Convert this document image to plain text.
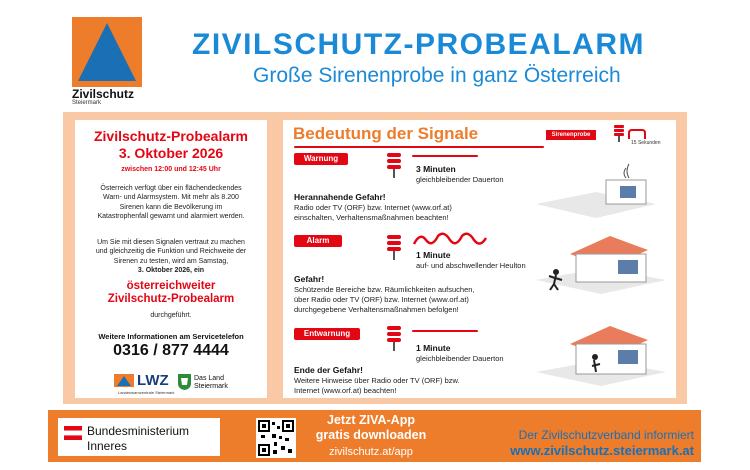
Zivilschutz
Steiermark
ZIVILSCHUTZ-PROBEALARM
Große Sirenenprobe in ganz Österreich
Zivilschutz-Probealarm
3. Oktober 2026
zwischen 12:00 und 12:45 Uhr
Österreich verfügt über ein flächendeckendes
Warn- und Alarmsystem. Mit mehr als 8.200
Sirenen kann die Bevölkerung im
Katastrophenfall gewarnt und alarmiert werden.
Um Sie mit diesen Signalen vertraut zu machen
und gleichzeitig die Funktion und Reichweite der
Sirenen zu testen, wird am Samstag,
3. Oktober 2026, ein
österreichweiter
Zivilschutz-Probealarm
durchgeführt.
Weitere Informationen am Servicetelefon
0316 / 877 4444
LWZ
Landeswarnzentrale Steiermark
Das Land
Steiermark
Bedeutung der Signale	Sirenenprobe
15 Sekunden
Warnung
3 Minuten
gleichbleibender Dauerton
Herannahende Gefahr!
Radio oder TV (ORF) bzw. Internet (www.orf.at)
einschalten, Verhaltensmaßnahmen beachten!
Alarm
1 Minute
auf- und abschwellender Heulton
Gefahr!
Schützende Bereiche bzw. Räumlichkeiten aufsuchen,
über Radio oder TV (ORF) bzw. Internet (www.orf.at)
durchgegebene Verhaltensmaßnahmen befolgen!
Entwarnung
1 Minute
gleichbleibender Dauerton
Ende der Gefahr!
Weitere Hinweise über Radio oder TV (ORF) bzw.
Internet (www.orf.at) beachten!
Bundesministerium
Inneres
Jetzt ZIVA-App
gratis downloaden
zivilschutz.at/app
Der Zivilschutzverband informiert
www.zivilschutz.steiermark.at
